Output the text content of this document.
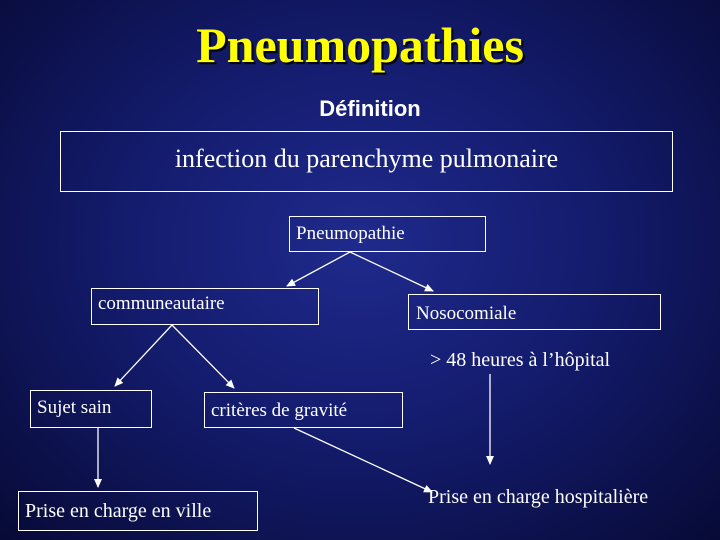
Pneumopathies
Définition
infection du parenchyme pulmonaire
Pneumopathie
communeautaire	Nosocomiale
> 48 heures à l’hôpital
Sujet sain	critères de gravité
Prise en charge en ville
Prise en charge hospitalière
